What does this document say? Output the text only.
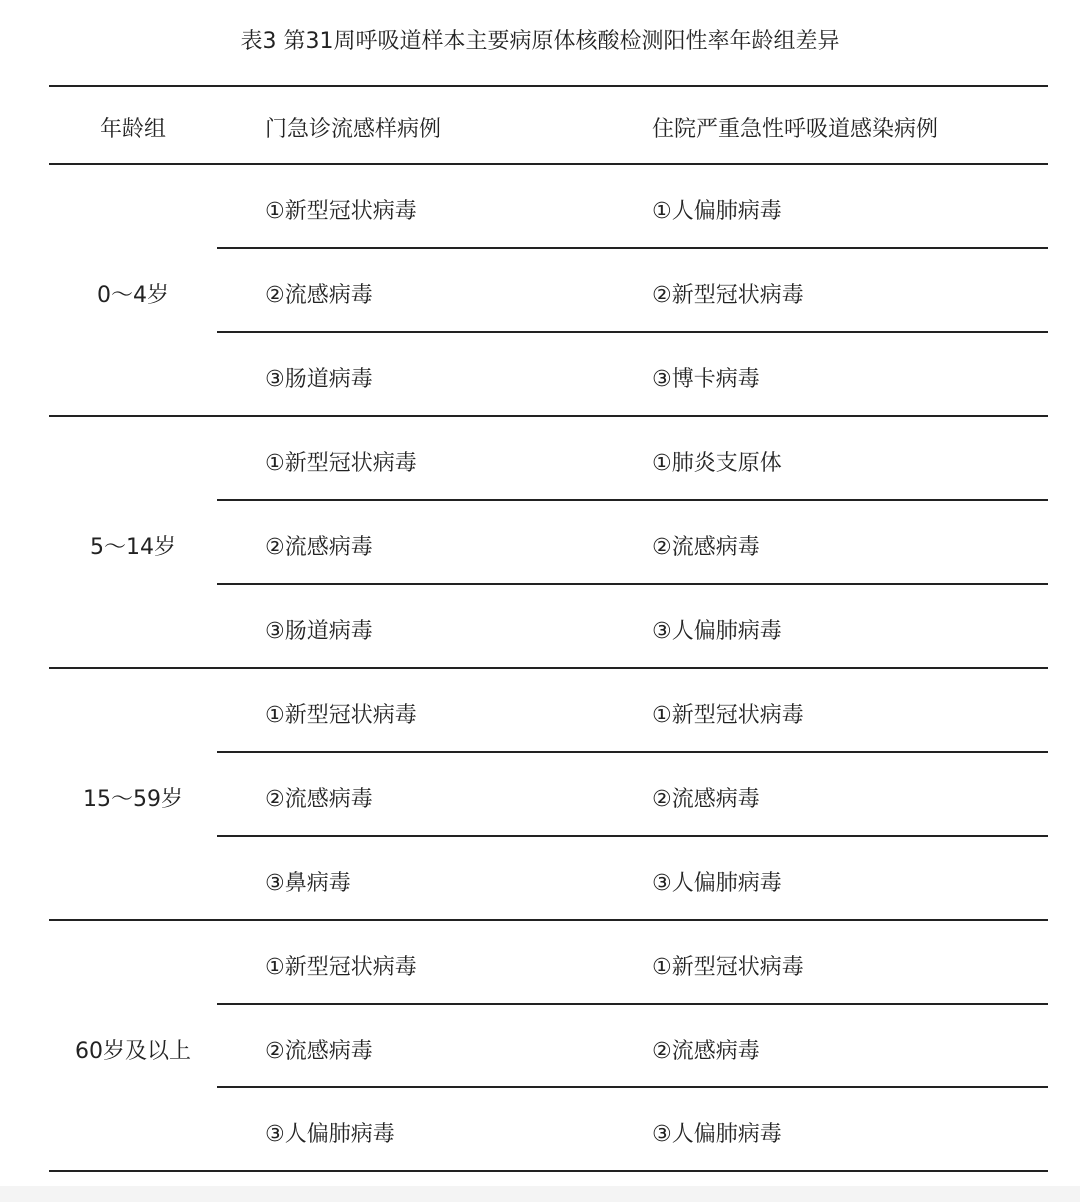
表3 第31周呼吸道样本主要病原体核酸检测阳性率年龄组差异
年龄组	门急诊流感样病例	住院严重急性呼吸道感染病例
0～4岁
①新型冠状病毒	①人偏肺病毒
②流感病毒	②新型冠状病毒
③肠道病毒	③博卡病毒
5～14岁
①新型冠状病毒	①肺炎支原体
②流感病毒	②流感病毒
③肠道病毒	③人偏肺病毒
15～59岁
①新型冠状病毒	①新型冠状病毒
②流感病毒	②流感病毒
③鼻病毒	③人偏肺病毒
60岁及以上
①新型冠状病毒	①新型冠状病毒
②流感病毒	②流感病毒
③人偏肺病毒	③人偏肺病毒
